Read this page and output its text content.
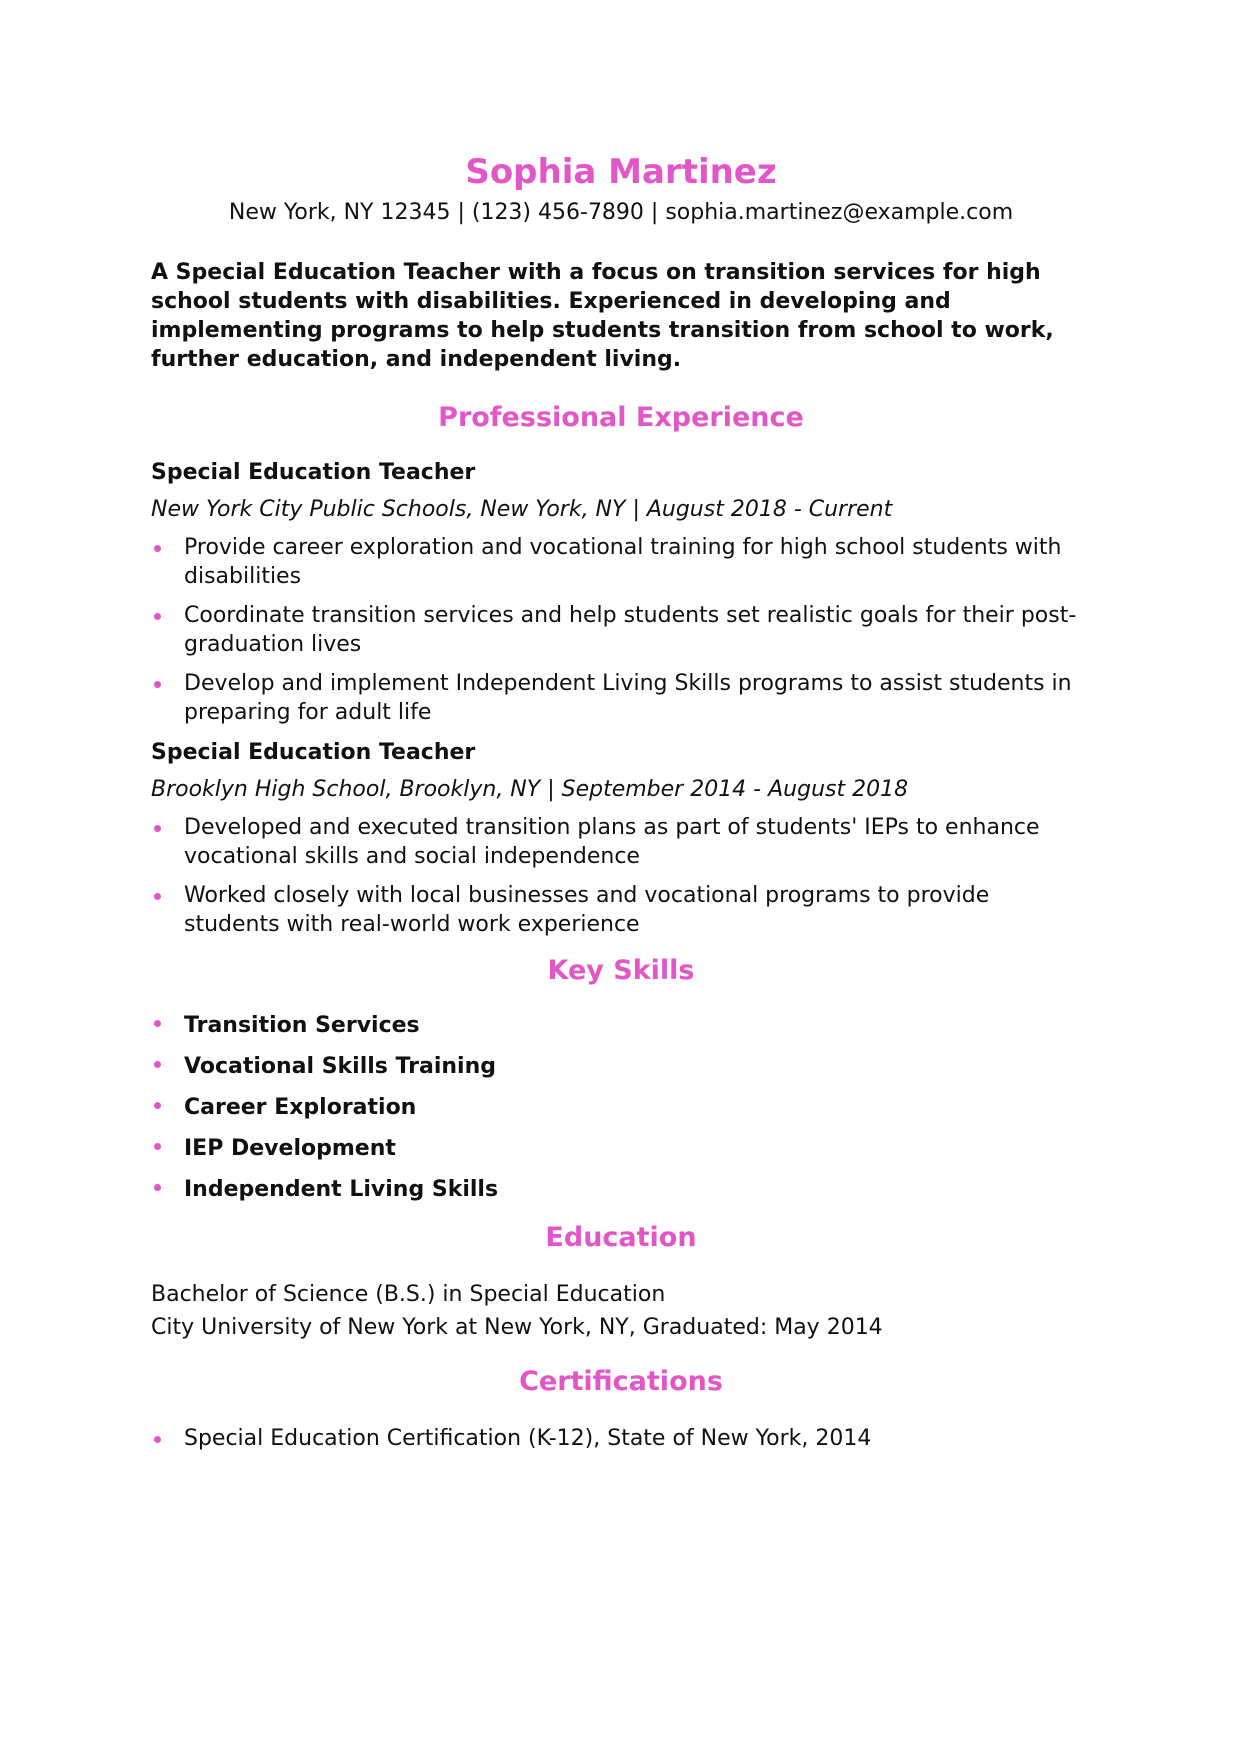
Sophia Martinez
New York, NY 12345 | (123) 456-7890 | sophia.martinez@example.com
A Special Education Teacher with a focus on transition services for high school students with disabilities. Experienced in developing and implementing programs to help students transition from school to work, further education, and independent living.
Professional Experience
Special Education Teacher
New York City Public Schools, New York, NY | August 2018 - Current
Provide career exploration and vocational training for high school students with disabilities
Coordinate transition services and help students set realistic goals for their post-graduation lives
Develop and implement Independent Living Skills programs to assist students in preparing for adult life
Special Education Teacher
Brooklyn High School, Brooklyn, NY | September 2014 - August 2018
Developed and executed transition plans as part of students' IEPs to enhance vocational skills and social independence
Worked closely with local businesses and vocational programs to provide students with real-world work experience
Key Skills
Transition Services
Vocational Skills Training
Career Exploration
IEP Development
Independent Living Skills
Education
Bachelor of Science (B.S.) in Special Education
City University of New York at New York, NY, Graduated: May 2014
Certifications
Special Education Certification (K-12), State of New York, 2014
